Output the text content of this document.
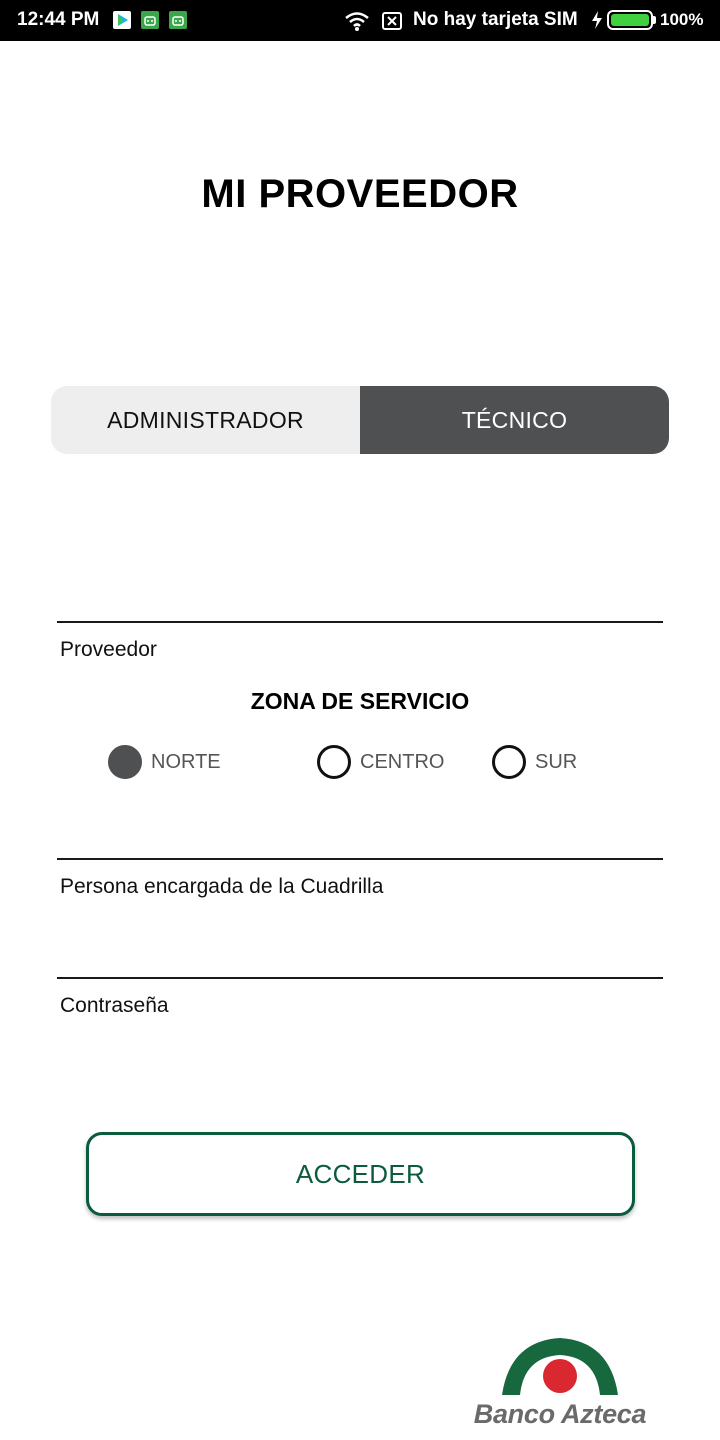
12:44 PM	No hay tarjeta SIM	100%
MI PROVEEDOR
ADMINISTRADOR	TÉCNICO
Proveedor
ZONA DE SERVICIO
NORTE	CENTRO	SUR
Persona encargada de la Cuadrilla
Contraseña
ACCEDER
Banco Azteca
